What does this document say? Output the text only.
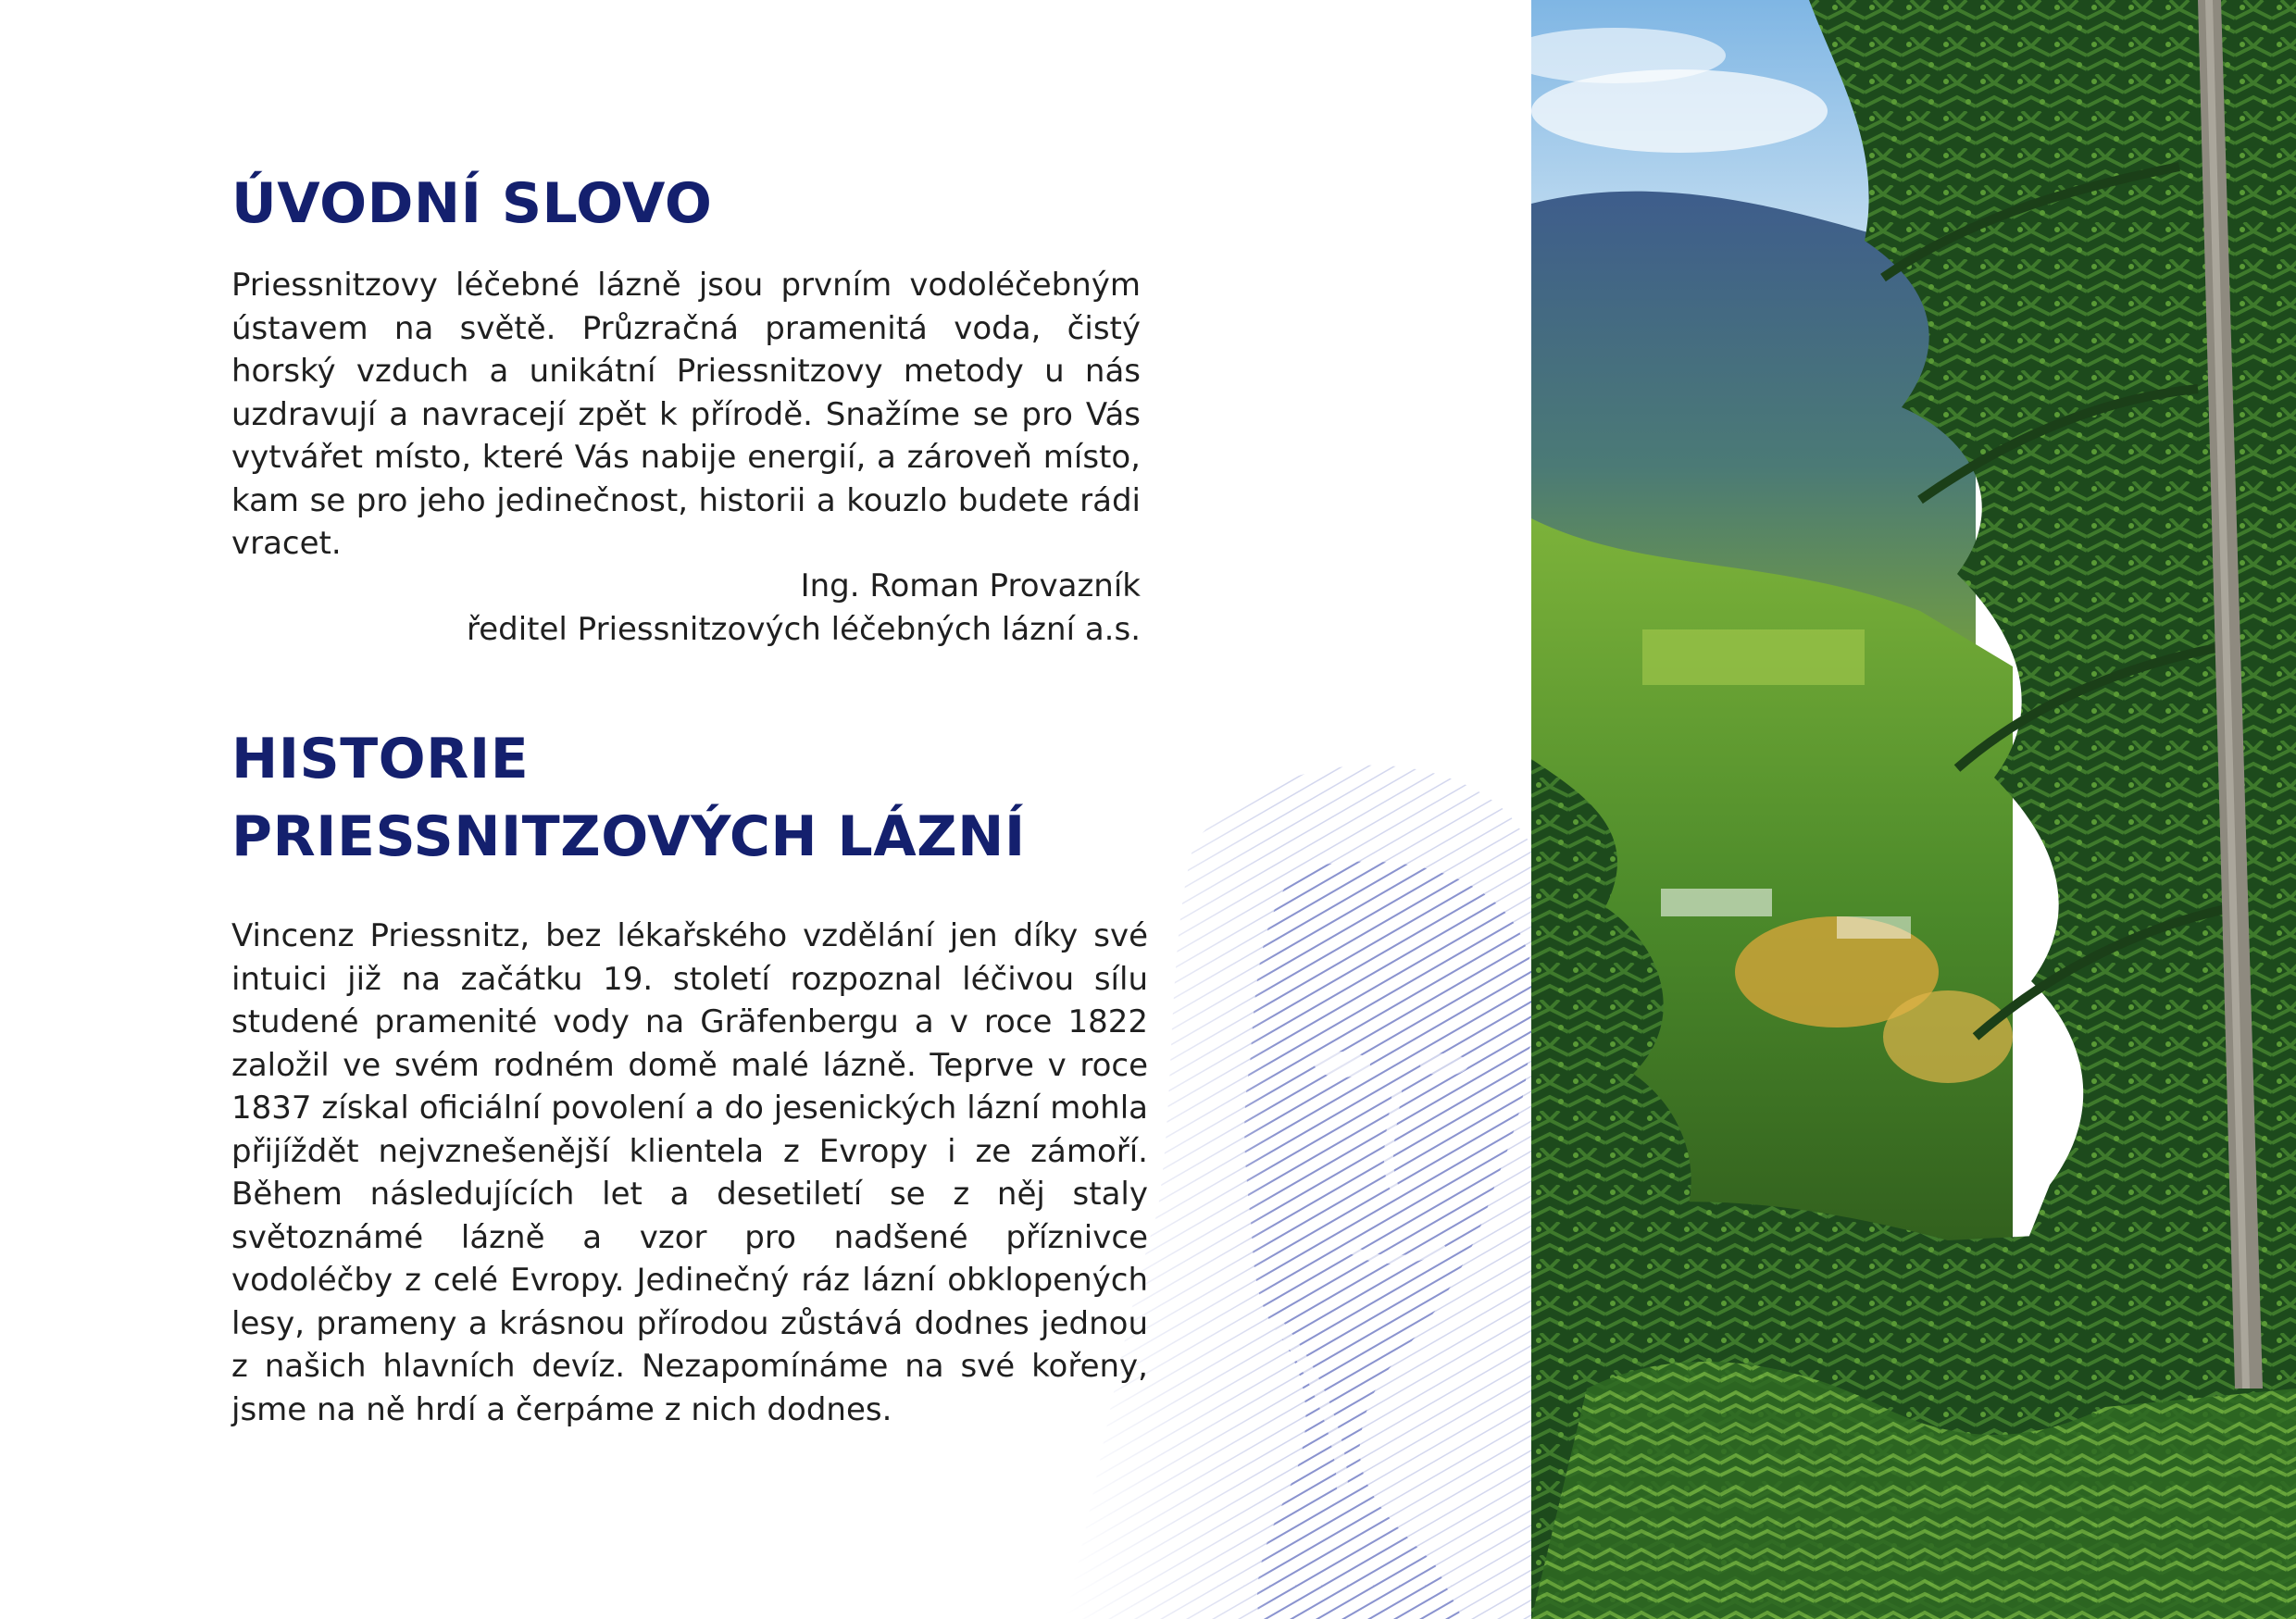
ÚVODNÍ SLOVO

Priessnitzovy léčebné lázně jsou prvním vodoléčebným ústavem na světě. Průzračná pramenitá voda, čistý horský vzduch a unikátní Priessnitzovy metody u nás uzdravují a navracejí zpět k přírodě. Snažíme se pro Vás vytvářet místo, které Vás nabije energií, a zároveň místo, kam se pro jeho jedinečnost, historii a kouzlo budete rádi vracet.

Ing. Roman Provazník
ředitel Priessnitzových léčebných lázní a.s.
HISTORIE
PRIESSNITZOVÝCH LÁZNÍ

Vincenz Priessnitz, bez lékařského vzdělání jen díky své intuici již na začátku 19. století rozpoznal léčivou sílu studené pramenité vody na Gräfenbergu a v roce 1822 založil ve svém rodném domě malé lázně. Teprve v roce 1837 získal oficiální povolení a do jesenických lázní mohla přijíždět nejvznešenější klientela z Evropy i ze zámoří. Během následujících let a desetiletí se z něj staly světoznámé lázně a vzor pro nadšené příznivce vodoléčby z celé Evropy. Jedinečný ráz lázní obklopených lesy, prameny a krásnou přírodou zůstává dodnes jednou z našich hlavních devíz. Nezapomínáme na své kořeny, jsme na ně hrdí a čerpáme z nich dodnes.
